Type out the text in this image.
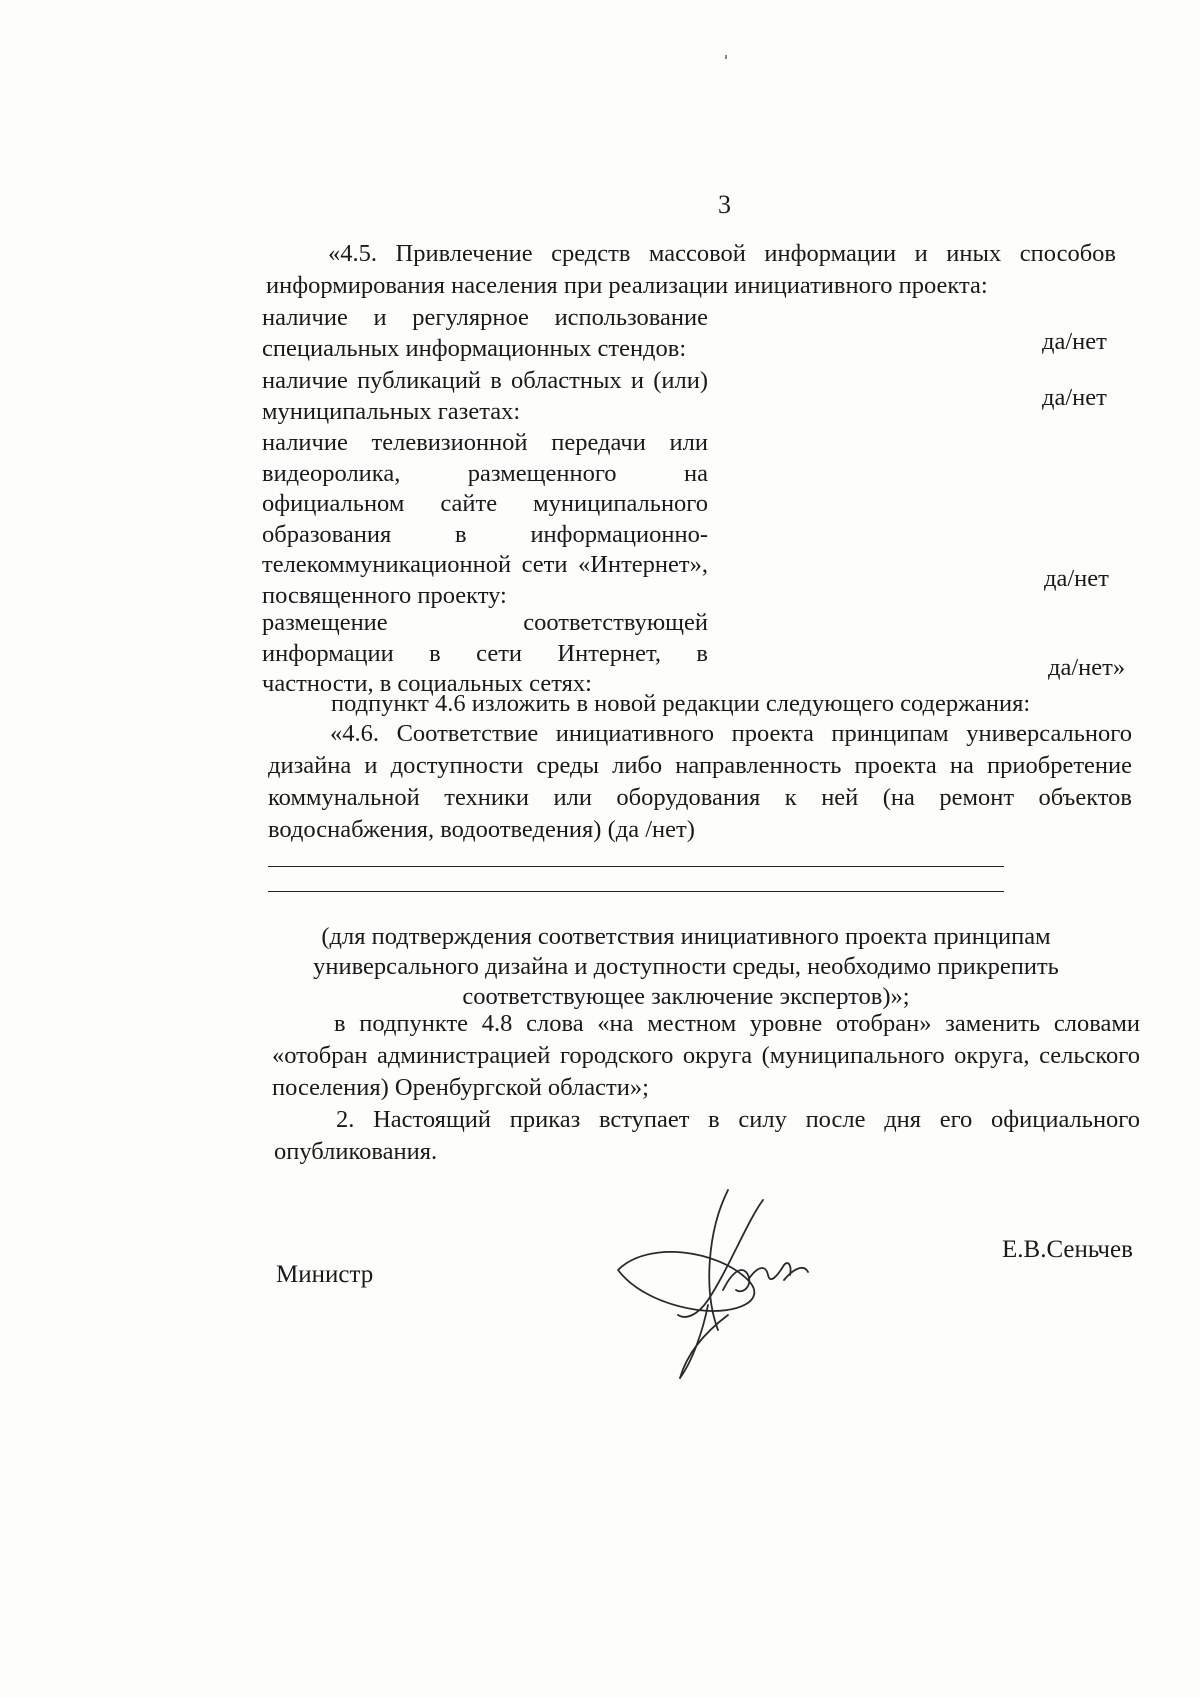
3
«4.5. Привлечение средств массовой информации и иных способов информирования населения при реализации инициативного проекта:
наличие и регулярное использование специальных информационных стендов:	да/нет
наличие публикаций в областных и (или) муниципальных газетах:	да/нет
наличие телевизионной передачи или видеоролика, размещенного на официальном сайте муниципального образования в информационно-телекоммуникационной сети «Интернет», посвященного проекту:
да/нет
размещение соответствующей информации в сети Интернет, в частности, в социальных сетях:
да/нет»
подпункт 4.6 изложить в новой редакции следующего содержания:
«4.6. Соответствие инициативного проекта принципам универсального дизайна и доступности среды либо направленность проекта на приобретение коммунальной техники или оборудования к ней (на ремонт объектов водоснабжения, водоотведения) (да /нет)
(для подтверждения соответствия инициативного проекта принципам универсального дизайна и доступности среды, необходимо прикрепить соответствующее заключение экспертов)»;
в подпункте 4.8 слова «на местном уровне отобран» заменить словами «отобран администрацией городского округа (муниципального округа, сельского поселения) Оренбургской области»;
2. Настоящий приказ вступает в силу после дня его официального опубликования.
Министр
Е.В.Сеньчев
